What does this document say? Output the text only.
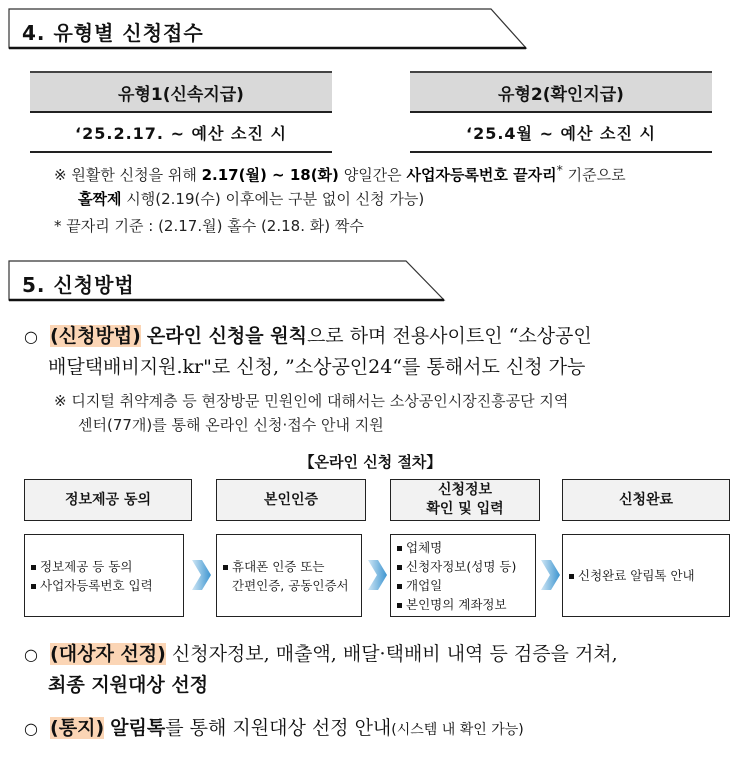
4. 유형별 신청접수
유형1(신속지급)
‘25.2.17. ~ 예산 소진 시
유형2(확인지급)
‘25.4월 ~ 예산 소진 시
※ 원활한 신청을 위해 2.17(월) ~ 18(화) 양일간은 사업자등록번호 끝자리* 기준으로
홀짝제 시행(2.19(수) 이후에는 구분 없이 신청 가능)
* 끝자리 기준 : (2.17.월) 홀수 (2.18. 화) 짝수
5. 신청방법
○ (신청방법) 온라인 신청을 원칙으로 하며 전용사이트인 “소상공인
배달택배비지원.kr"로 신청, ”소상공인24“를 통해서도 신청 가능
※ 디지털 취약계층 등 현장방문 민원인에 대해서는 소상공인시장진흥공단 지역
센터(77개)를 통해 온라인 신청·접수 안내 지원
【온라인 신청 절차】
정보제공 동의	본인인증
신청정보
확인 및 입력
신청완료
정보제공 등 동의
사업자등록번호 입력
휴대폰 인증 또는
간편인증, 공동인증서
업체명
신청자정보(성명 등)
개업일
본인명의 계좌정보
신청완료 알림톡 안내
○ (대상자 선정) 신청자정보, 매출액, 배달·택배비 내역 등 검증을 거쳐,
최종 지원대상 선정
○ (통지) 알림톡를 통해 지원대상 선정 안내(시스템 내 확인 가능)
